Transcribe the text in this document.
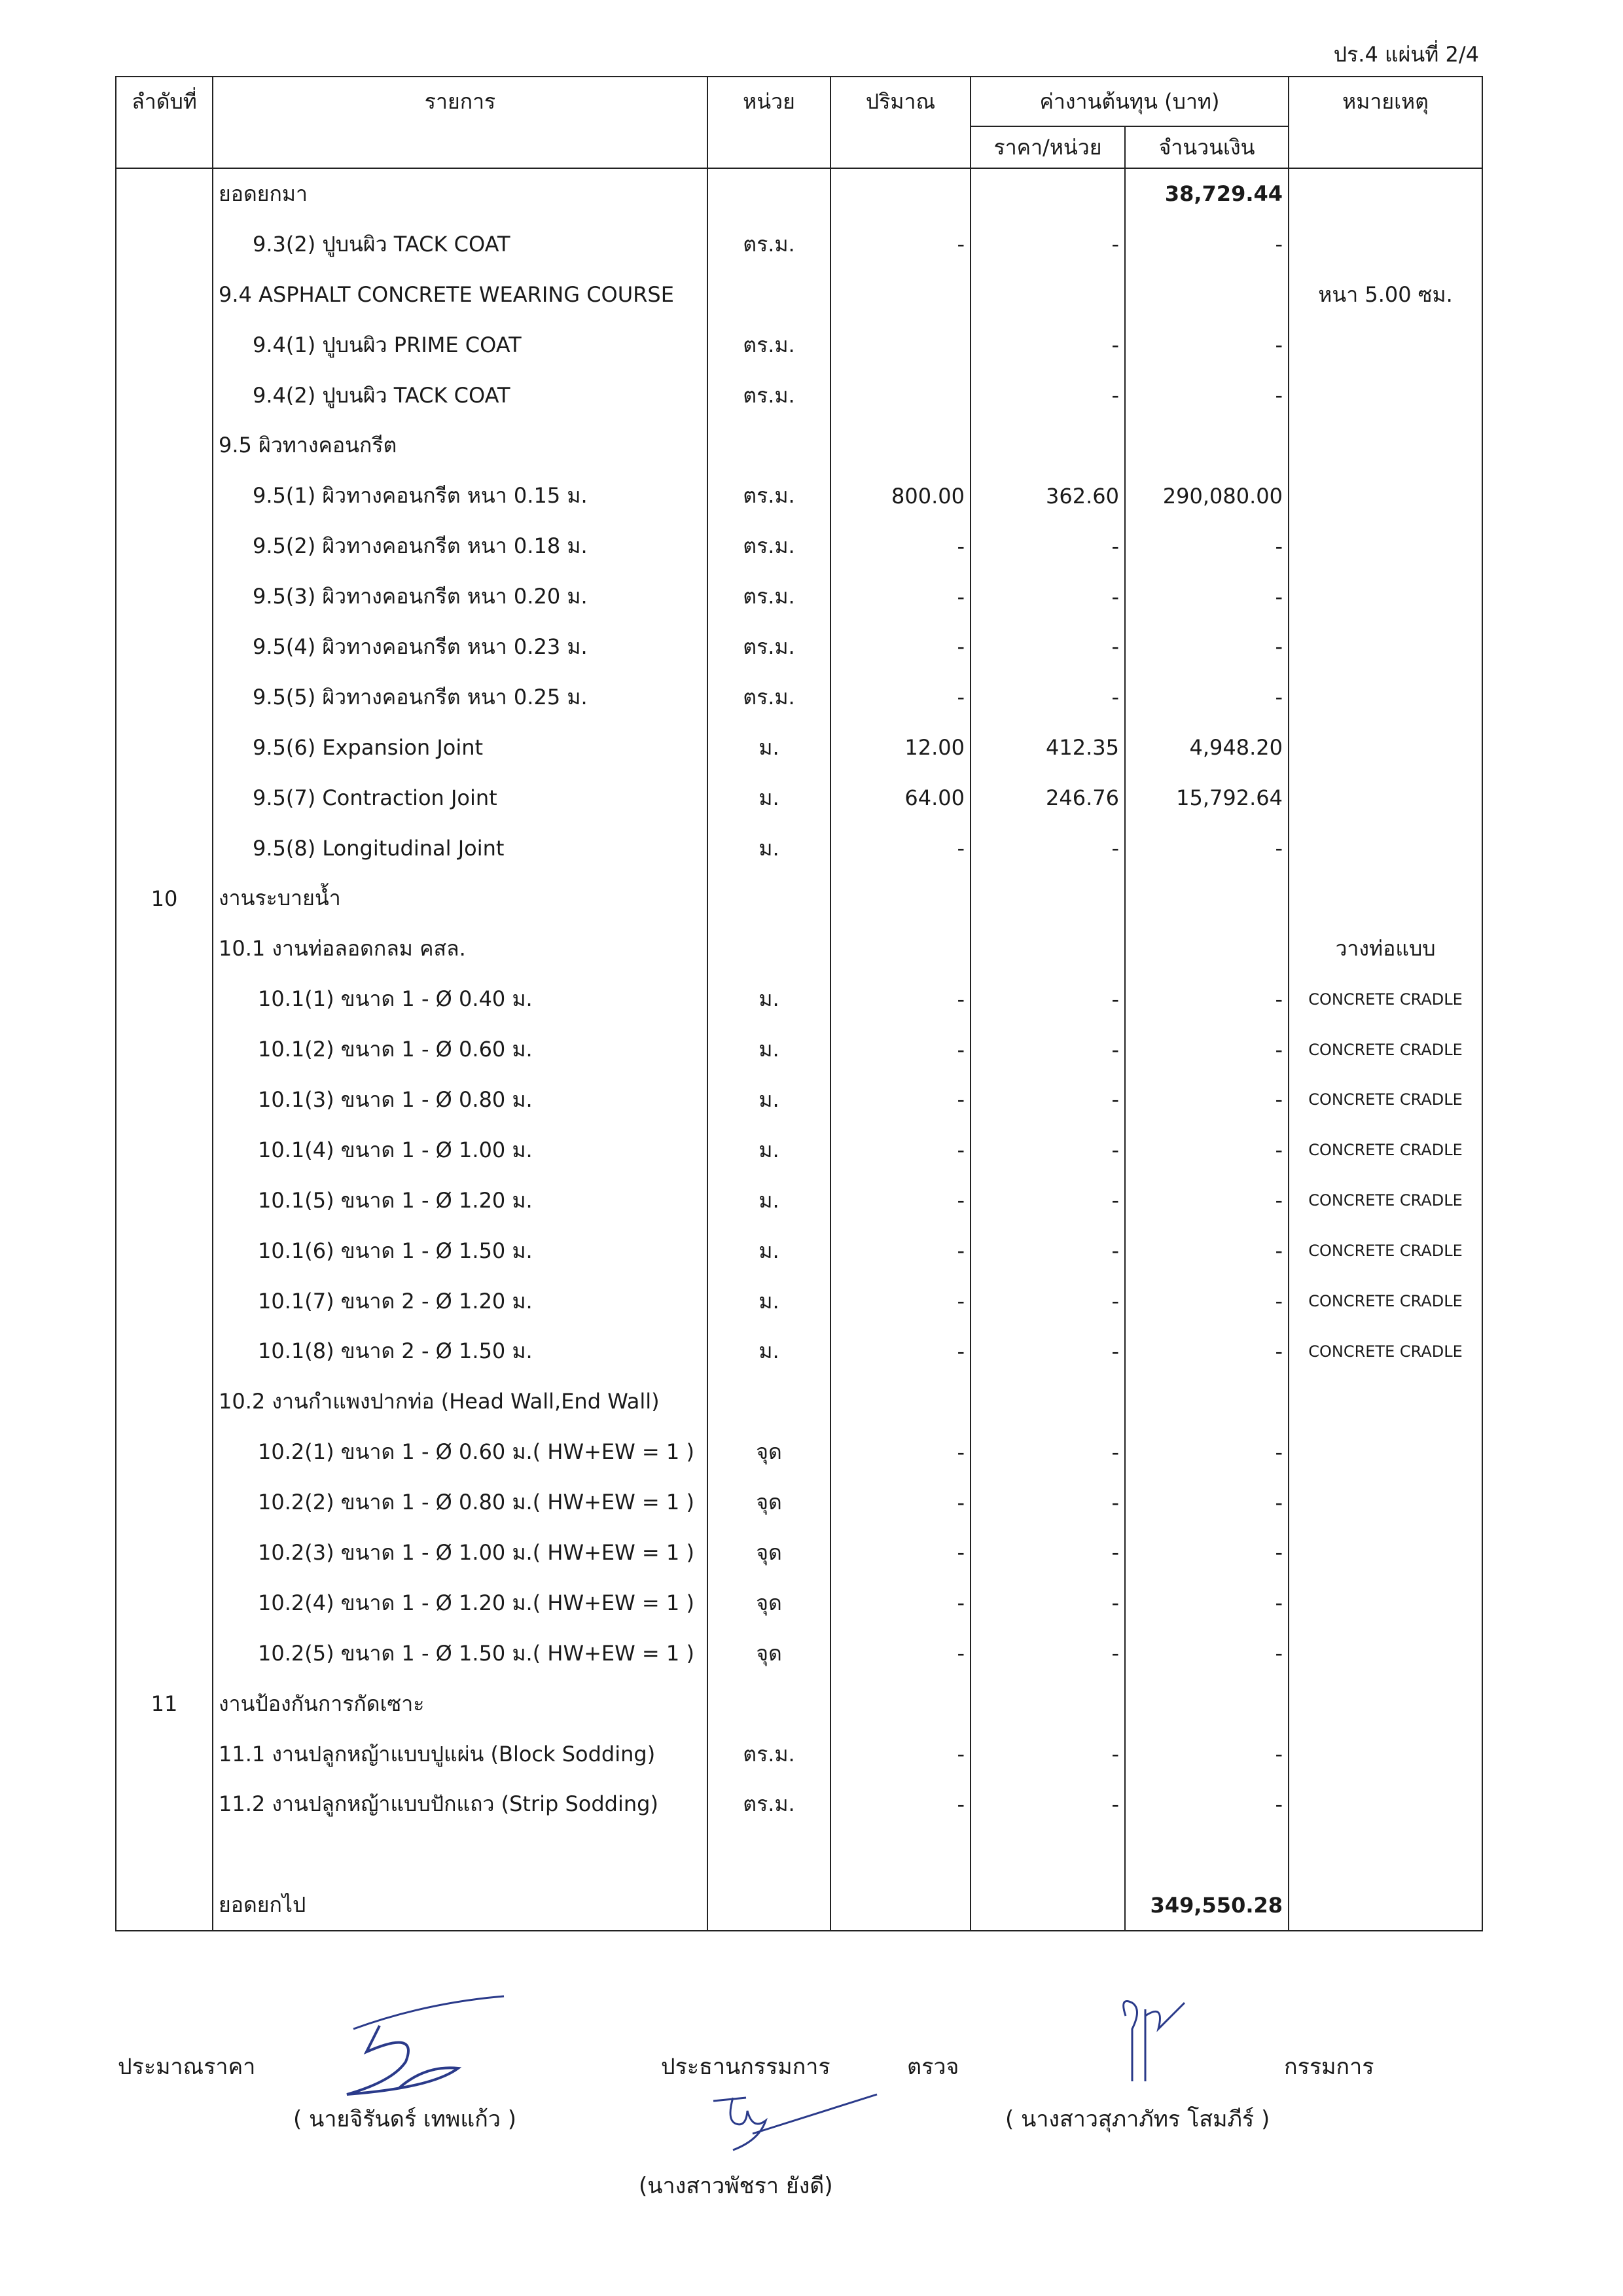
ปร.4 แผ่นที่ 2/4
ลำดับที่	รายการ	หน่วย	ปริมาณ	ค่างานต้นทุน (บาท)		หมายเหตุ
				ราคา/หน่วย	จำนวนเงิน	
	ยอดยกมา				38,729.44	
	9.3(2) ปูบนผิว TACK COAT	ตร.ม.	-	-	-	
	9.4 ASPHALT CONCRETE WEARING COURSE					หนา 5.00 ซม.
	9.4(1) ปูบนผิว PRIME COAT	ตร.ม.		-	-	
	9.4(2) ปูบนผิว TACK COAT	ตร.ม.		-	-	
	9.5 ผิวทางคอนกรีต					
	9.5(1) ผิวทางคอนกรีต หนา 0.15 ม.	ตร.ม.	800.00	362.60	290,080.00	
	9.5(2) ผิวทางคอนกรีต หนา 0.18 ม.	ตร.ม.	-	-	-	
	9.5(3) ผิวทางคอนกรีต หนา 0.20 ม.	ตร.ม.	-	-	-	
	9.5(4) ผิวทางคอนกรีต หนา 0.23 ม.	ตร.ม.	-	-	-	
	9.5(5) ผิวทางคอนกรีต หนา 0.25 ม.	ตร.ม.	-	-	-	
	9.5(6) Expansion Joint	ม.	12.00	412.35	4,948.20	
	9.5(7) Contraction Joint	ม.	64.00	246.76	15,792.64	
	9.5(8) Longitudinal Joint	ม.	-	-	-	
10	งานระบายน้ำ					
	10.1 งานท่อลอดกลม คสล.					วางท่อแบบ
	10.1(1) ขนาด 1 - Ø 0.40 ม.	ม.	-	-	-	CONCRETE CRADLE
	10.1(2) ขนาด 1 - Ø 0.60 ม.	ม.	-	-	-	CONCRETE CRADLE
	10.1(3) ขนาด 1 - Ø 0.80 ม.	ม.	-	-	-	CONCRETE CRADLE
	10.1(4) ขนาด 1 - Ø 1.00 ม.	ม.	-	-	-	CONCRETE CRADLE
	10.1(5) ขนาด 1 - Ø 1.20 ม.	ม.	-	-	-	CONCRETE CRADLE
	10.1(6) ขนาด 1 - Ø 1.50 ม.	ม.	-	-	-	CONCRETE CRADLE
	10.1(7) ขนาด 2 - Ø 1.20 ม.	ม.	-	-	-	CONCRETE CRADLE
	10.1(8) ขนาด 2 - Ø 1.50 ม.	ม.	-	-	-	CONCRETE CRADLE
	10.2 งานกำแพงปากท่อ (Head Wall,End Wall)					
	10.2(1) ขนาด 1 - Ø 0.60 ม.( HW+EW = 1 )	จุด	-	-	-	
	10.2(2) ขนาด 1 - Ø 0.80 ม.( HW+EW = 1 )	จุด	-	-	-	
	10.2(3) ขนาด 1 - Ø 1.00 ม.( HW+EW = 1 )	จุด	-	-	-	
	10.2(4) ขนาด 1 - Ø 1.20 ม.( HW+EW = 1 )	จุด	-	-	-	
	10.2(5) ขนาด 1 - Ø 1.50 ม.( HW+EW = 1 )	จุด	-	-	-	
11	งานป้องกันการกัดเซาะ					
	11.1 งานปลูกหญ้าแบบปูแผ่น (Block Sodding)	ตร.ม.	-	-	-	
	11.2 งานปลูกหญ้าแบบปักแถว (Strip Sodding)	ตร.ม.	-	-	-	

	ยอดยกไป				349,550.28	
ประมาณราคา
( นายจิรันดร์ เทพแก้ว )
ประธานกรรมการ	ตรวจ
(นางสาวพัชรา ยังดี)
กรรมการ
( นางสาวสุภาภัทร โสมภีร์ )
